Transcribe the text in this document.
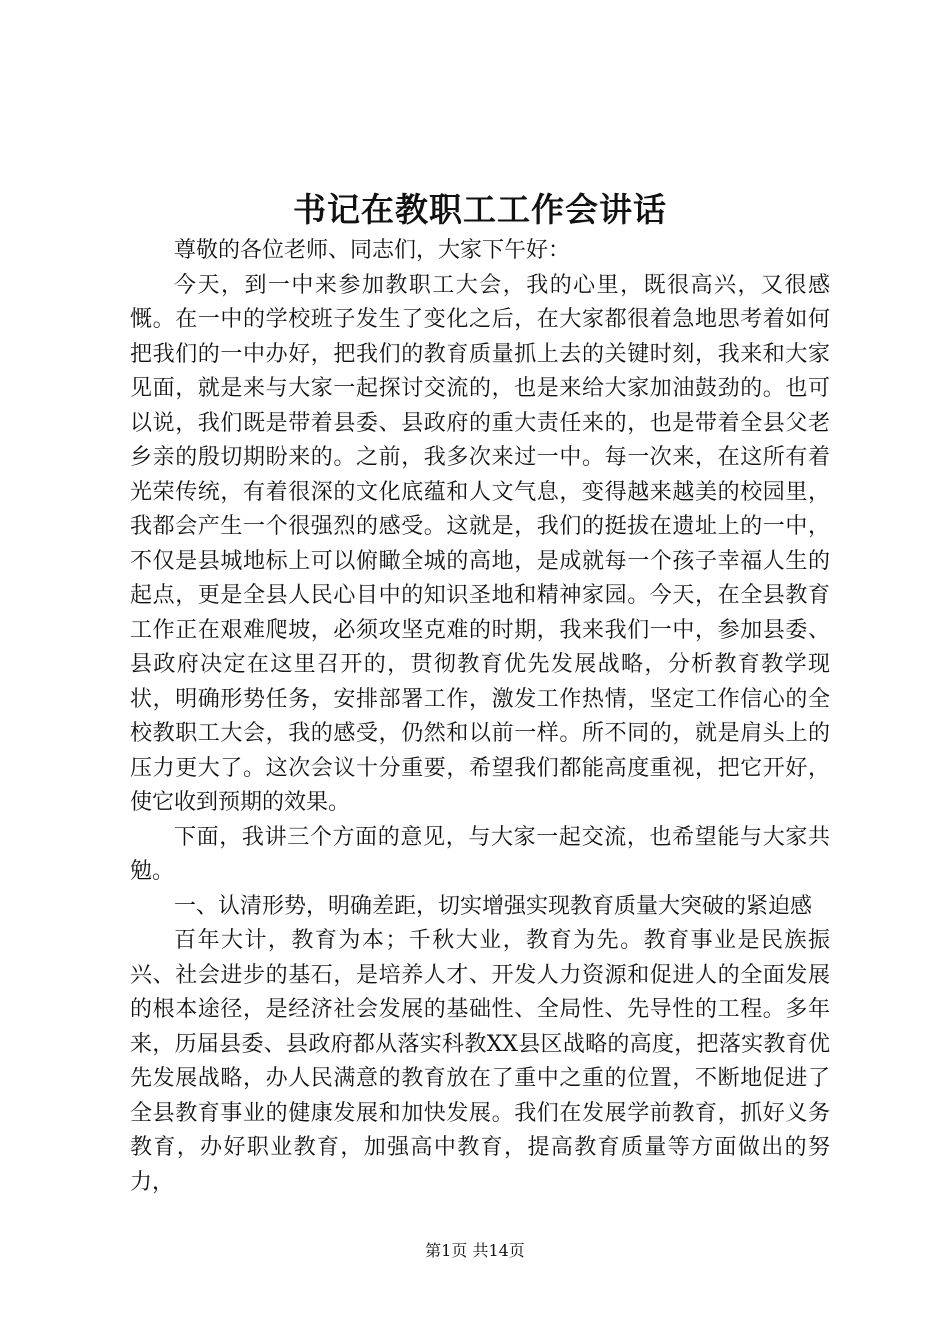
书记在教职工工作会讲话

尊敬的各位老师、同志们，大家下午好：

今天，到一中来参加教职工大会，我的心里，既很高兴，又很感慨。在一中的学校班子发生了变化之后，在大家都很着急地思考着如何把我们的一中办好，把我们的教育质量抓上去的关键时刻，我来和大家见面，就是来与大家一起探讨交流的，也是来给大家加油鼓劲的。也可以说，我们既是带着县委、县政府的重大责任来的，也是带着全县父老乡亲的殷切期盼来的。之前，我多次来过一中。每一次来，在这所有着光荣传统，有着很深的文化底蕴和人文气息，变得越来越美的校园里，我都会产生一个很强烈的感受。这就是，我们的挺拔在遗址上的一中，不仅是县城地标上可以俯瞰全城的高地，是成就每一个孩子幸福人生的起点，更是全县人民心目中的知识圣地和精神家园。今天，在全县教育工作正在艰难爬坡，必须攻坚克难的时期，我来我们一中，参加县委、县政府决定在这里召开的，贯彻教育优先发展战略，分析教育教学现状，明确形势任务，安排部署工作，激发工作热情，坚定工作信心的全校教职工大会，我的感受，仍然和以前一样。所不同的，就是肩头上的压力更大了。这次会议十分重要，希望我们都能高度重视，把它开好，使它收到预期的效果。

下面，我讲三个方面的意见，与大家一起交流，也希望能与大家共勉。

一、认清形势，明确差距，切实增强实现教育质量大突破的紧迫感

百年大计，教育为本；千秋大业，教育为先。教育事业是民族振兴、社会进步的基石，是培养人才、开发人力资源和促进人的全面发展的根本途径，是经济社会发展的基础性、全局性、先导性的工程。多年来，历届县委、县政府都从落实科教XX县区战略的高度，把落实教育优先发展战略，办人民满意的教育放在了重中之重的位置，不断地促进了全县教育事业的健康发展和加快发展。我们在发展学前教育，抓好义务教育，办好职业教育，加强高中教育，提高教育质量等方面做出的努力，

第1页 共14页
